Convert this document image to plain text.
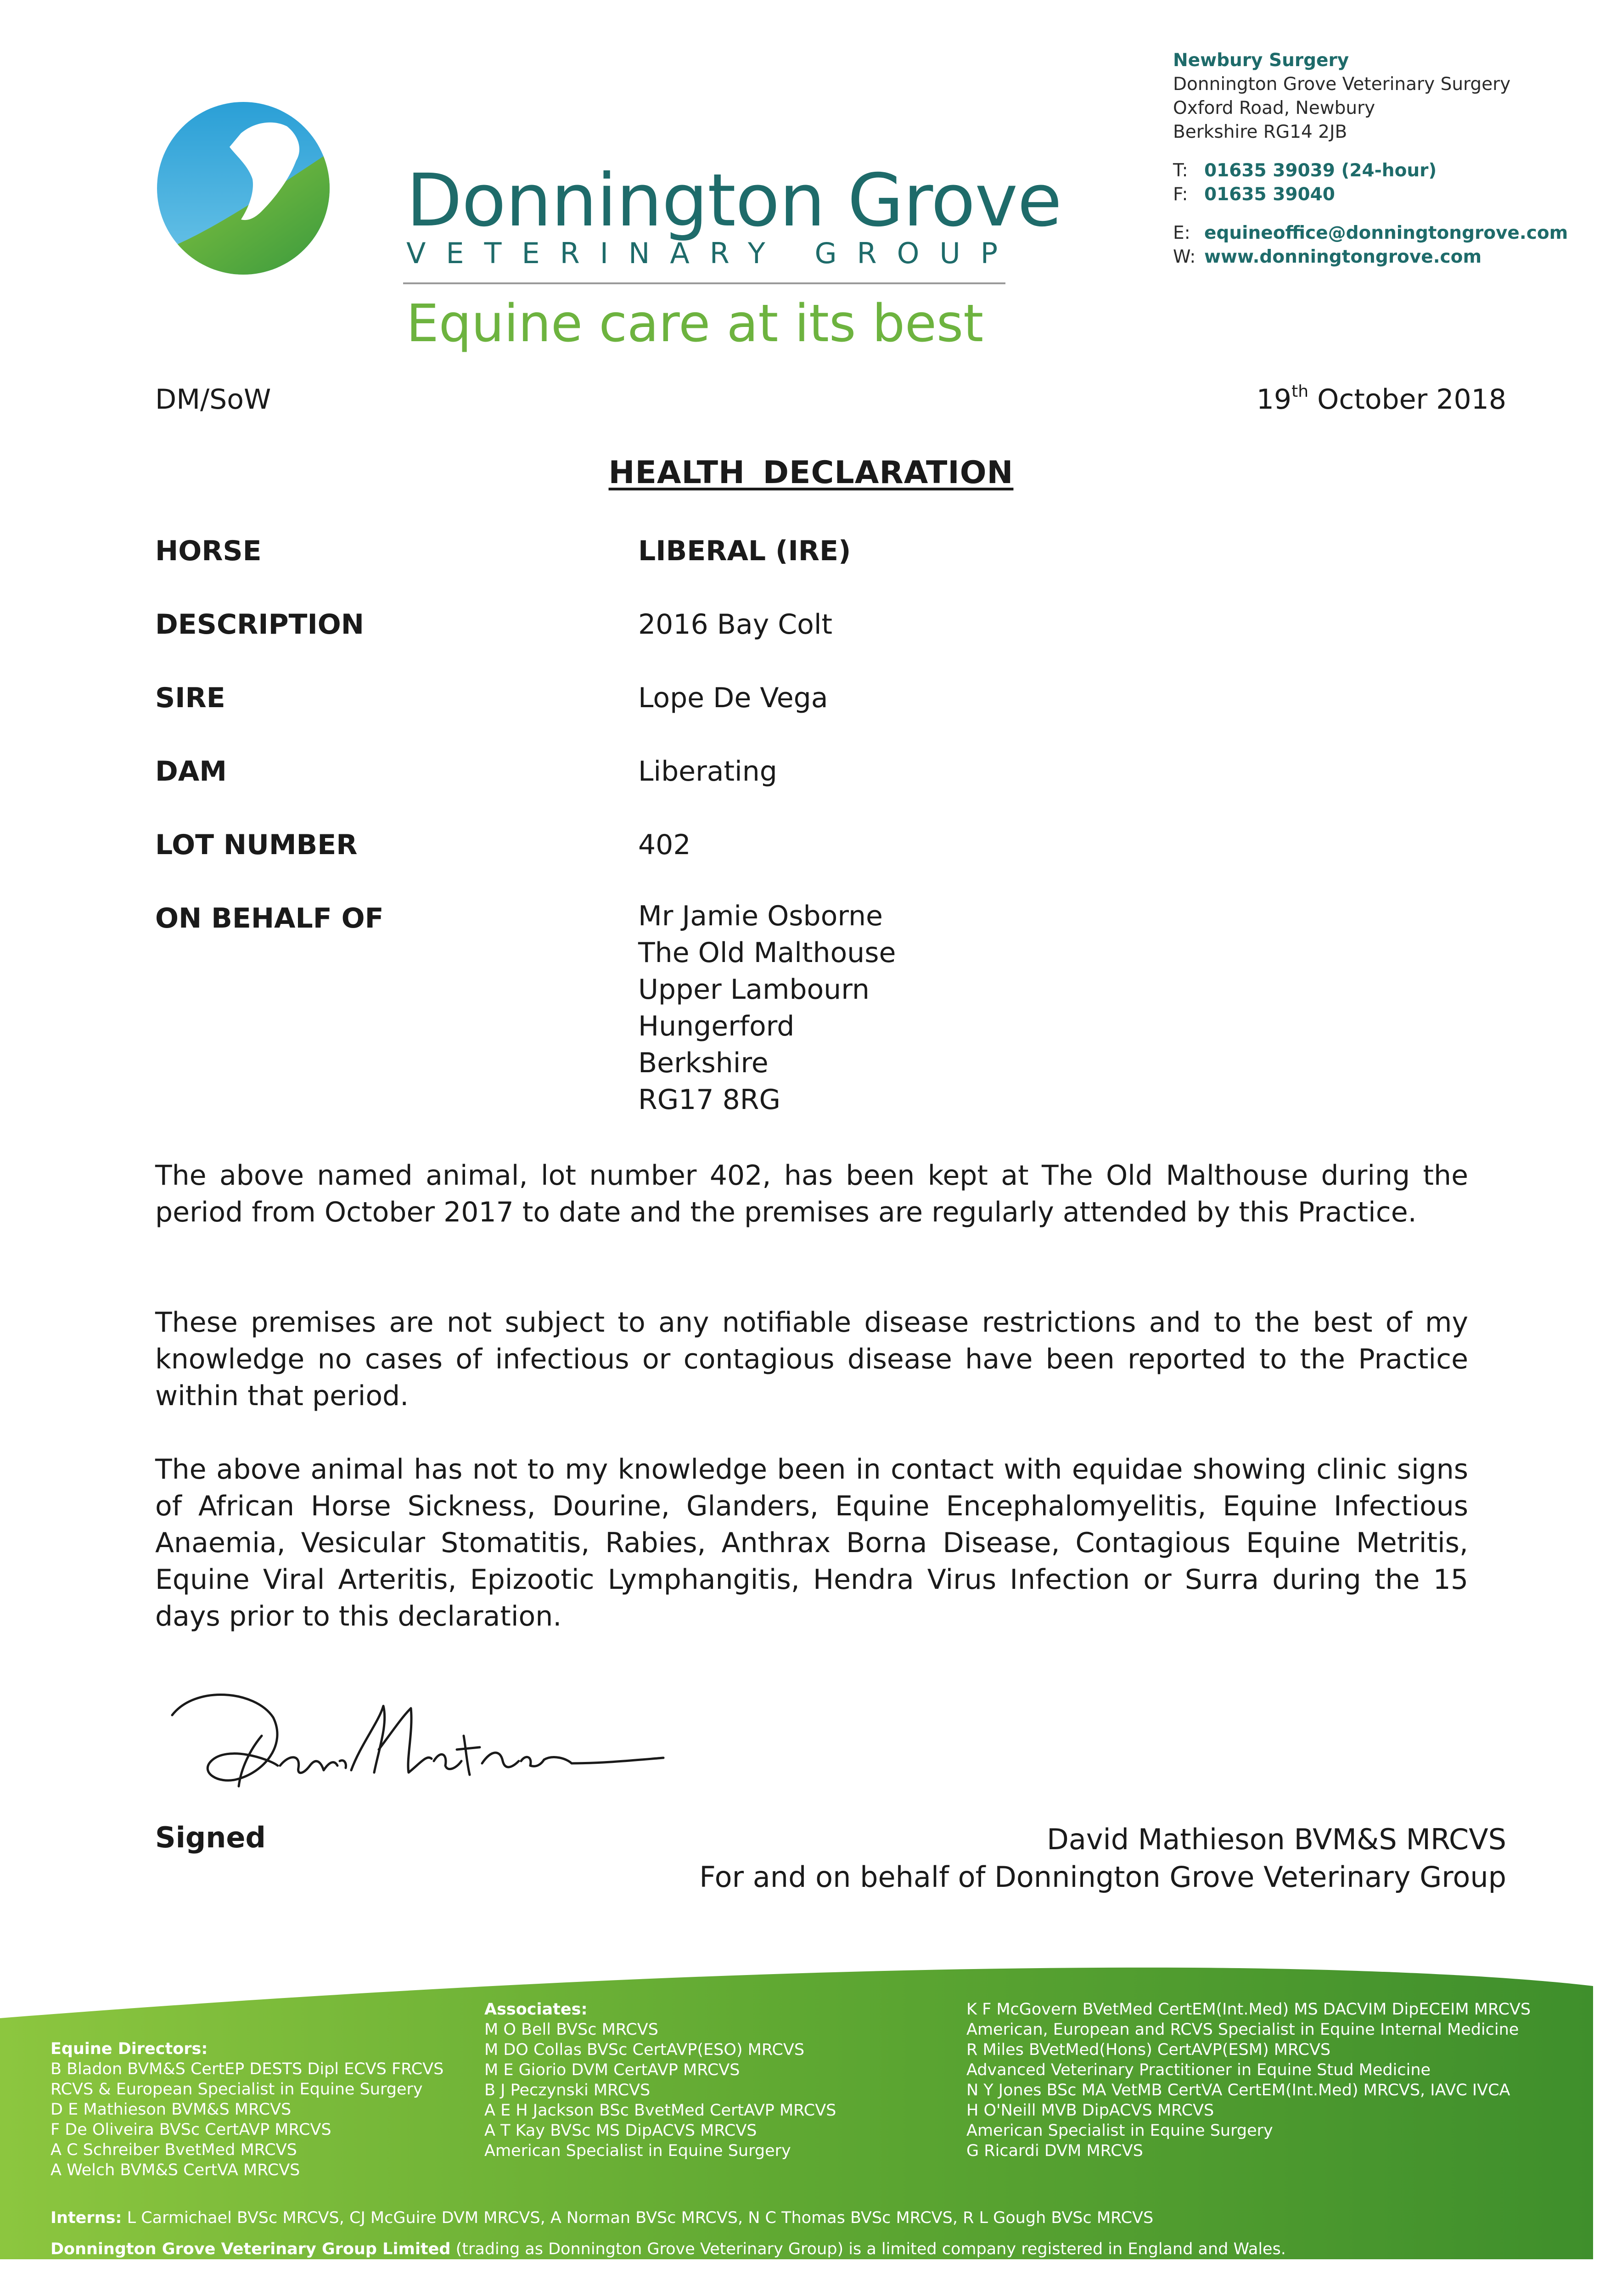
Donnington Grove
VETERINARY GROUP
Equine care at its best
Newbury Surgery
Donnington Grove Veterinary Surgery
Oxford Road, Newbury
Berkshire RG14 2JB
T: 01635 39039 (24-hour)
F: 01635 39040
E: equineoffice@donningtongrove.com
W: www.donningtongrove.com
DM/SoW	19th October 2018
HEALTH DECLARATION
HORSE	LIBERAL (IRE)
DESCRIPTION	2016 Bay Colt
SIRE	Lope De Vega
DAM	Liberating
LOT NUMBER	402
ON BEHALF OF	Mr Jamie Osborne
The Old Malthouse
Upper Lambourn
Hungerford
Berkshire
RG17 8RG
The above named animal, lot number 402, has been kept at The Old Malthouse during the period from October 2017 to date and the premises are regularly attended by this Practice.
These premises are not subject to any notifiable disease restrictions and to the best of my knowledge no cases of infectious or contagious disease have been reported to the Practice within that period.
The above animal has not to my knowledge been in contact with equidae showing clinic signs of African Horse Sickness, Dourine, Glanders, Equine Encephalomyelitis, Equine Infectious Anaemia, Vesicular Stomatitis, Rabies, Anthrax Borna Disease, Contagious Equine Metritis, Equine Viral Arteritis, Epizootic Lymphangitis, Hendra Virus Infection or Surra during the 15 days prior to this declaration.
Signed	David Mathieson BVM&S MRCVS
For and on behalf of Donnington Grove Veterinary Group
Equine Directors:
B Bladon BVM&S CertEP DESTS Dipl ECVS FRCVS
RCVS & European Specialist in Equine Surgery
D E Mathieson BVM&S MRCVS
F De Oliveira BVSc CertAVP MRCVS
A C Schreiber BvetMed MRCVS
A Welch BVM&S CertVA MRCVS
Associates:
M O Bell BVSc MRCVS
M DO Collas BVSc CertAVP(ESO) MRCVS
M E Giorio DVM CertAVP MRCVS
B J Peczynski MRCVS
A E H Jackson BSc BvetMed CertAVP MRCVS
A T Kay BVSc MS DipACVS MRCVS
American Specialist in Equine Surgery
K F McGovern BVetMed CertEM(Int.Med) MS DACVIM DipECEIM MRCVS
American, European and RCVS Specialist in Equine Internal Medicine
R Miles BVetMed(Hons) CertAVP(ESM) MRCVS
Advanced Veterinary Practitioner in Equine Stud Medicine
N Y Jones BSc MA VetMB CertVA CertEM(Int.Med) MRCVS, IAVC IVCA
H O'Neill MVB DipACVS MRCVS
American Specialist in Equine Surgery
G Ricardi DVM MRCVS
Interns: L Carmichael BVSc MRCVS, CJ McGuire DVM MRCVS, A Norman BVSc MRCVS, N C Thomas BVSc MRCVS, R L Gough BVSc MRCVS
Donnington Grove Veterinary Group Limited (trading as Donnington Grove Veterinary Group) is a limited company registered in England and Wales.
